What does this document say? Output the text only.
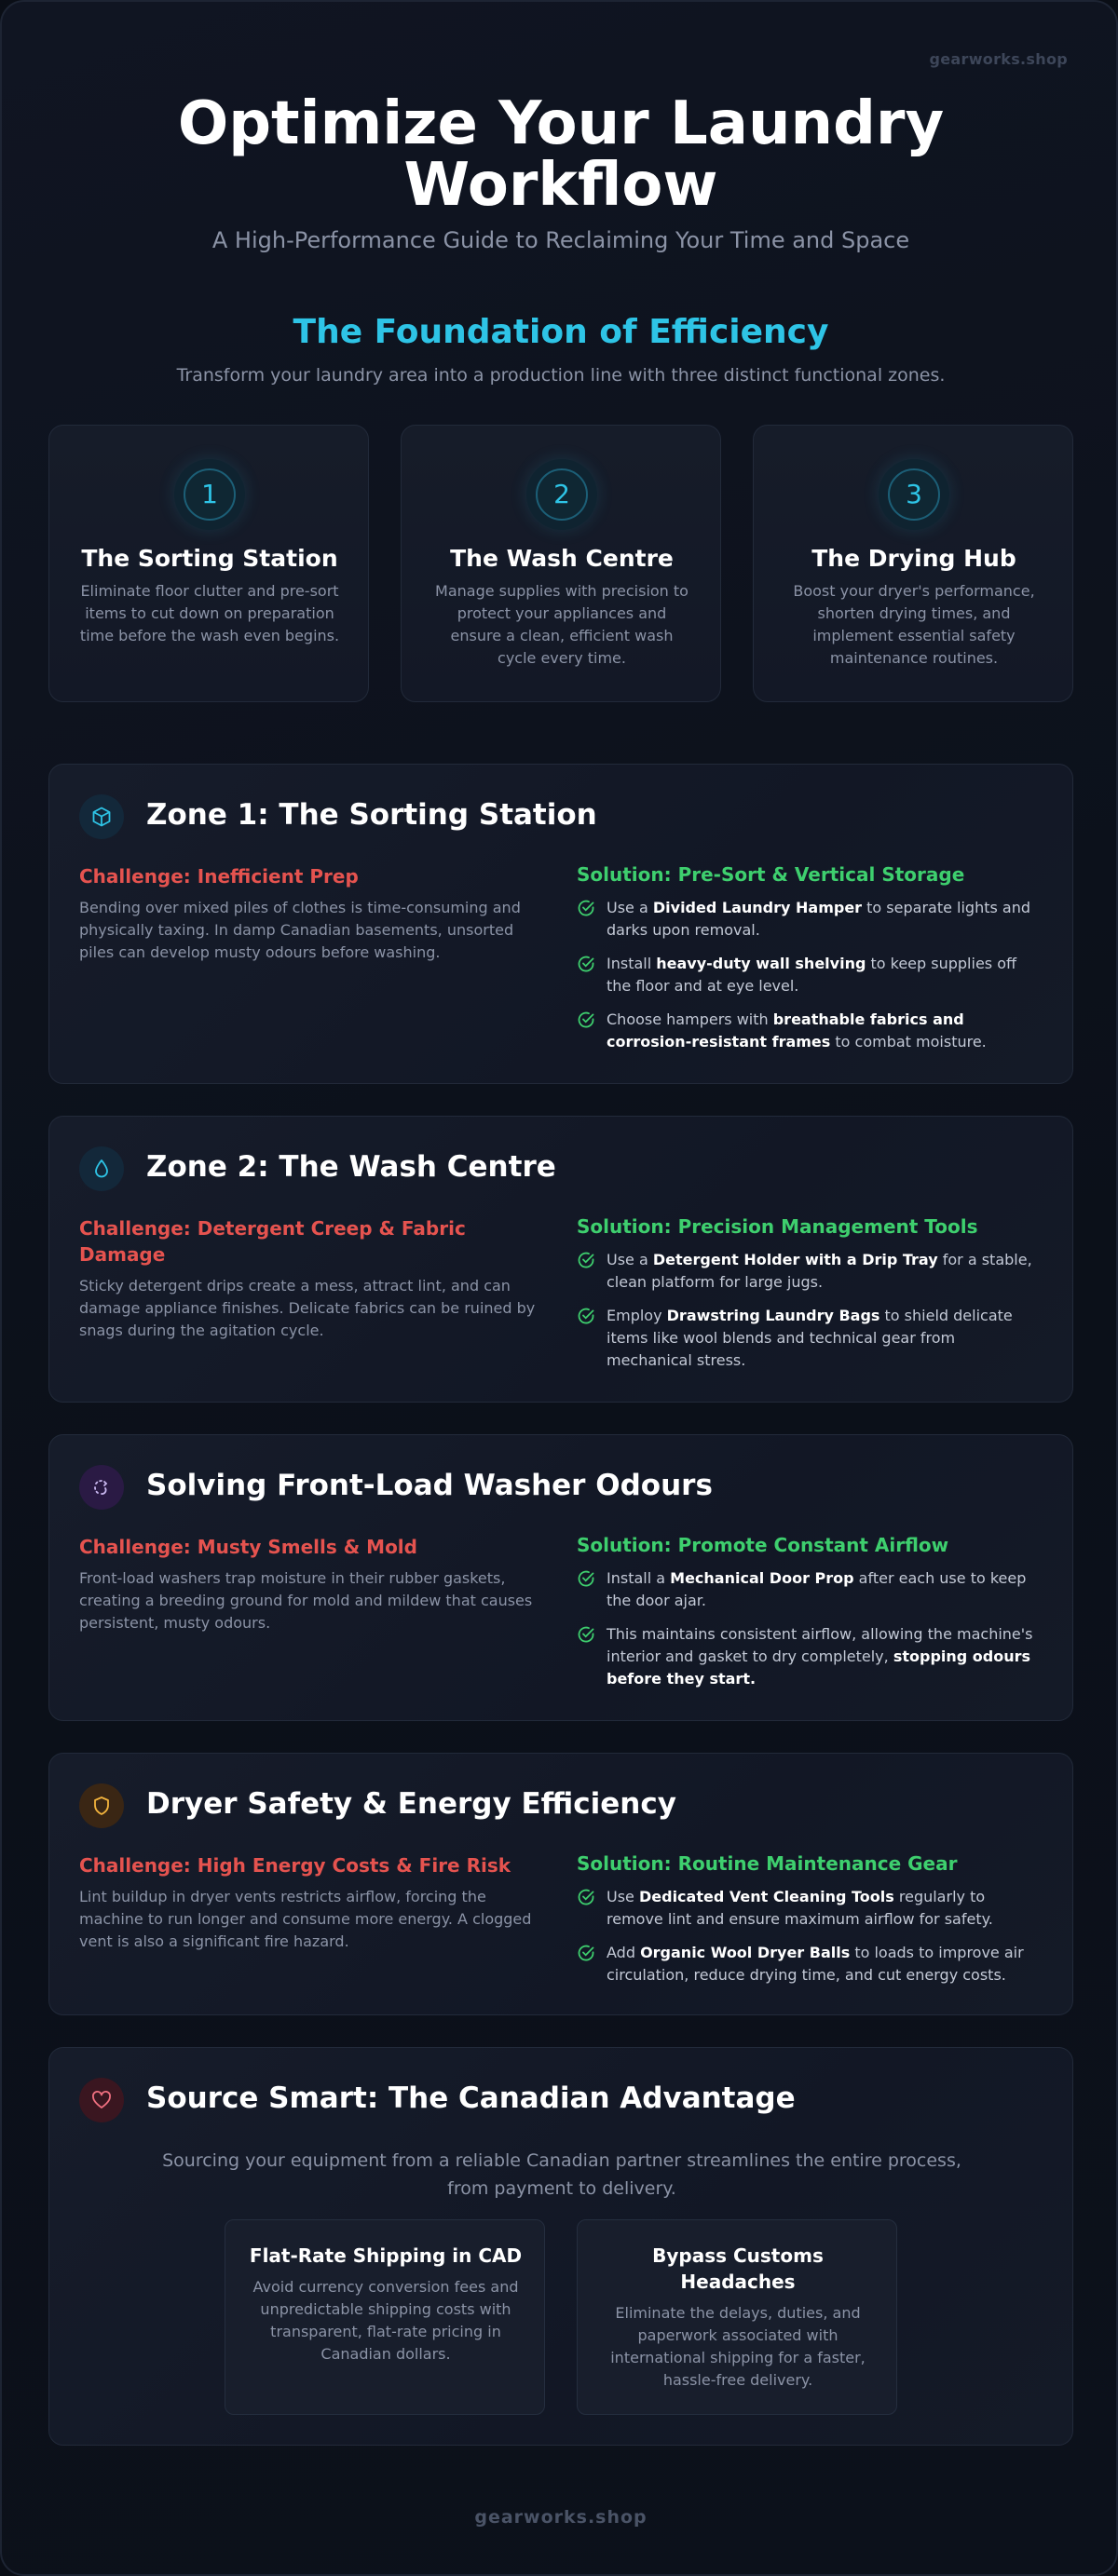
gearworks.shop
Optimize Your Laundry Workflow
A High-Performance Guide to Reclaiming Your Time and Space
The Foundation of Efficiency
Transform your laundry area into a production line with three distinct functional zones.
1
The Sorting Station

Eliminate floor clutter and pre-sort items to cut down on preparation time before the wash even begins.

2
The Wash Centre

Manage supplies with precision to protect your appliances and ensure a clean, efficient wash cycle every time.

3
The Drying Hub

Boost your dryer's performance, shorten drying times, and implement essential safety maintenance routines.

Zone 1: The Sorting Station
Challenge: Inefficient Prep
Bending over mixed piles of clothes is time-consuming and physically taxing. In damp Canadian basements, unsorted piles can develop musty odours before washing.
Solution: Pre-Sort & Vertical Storage
Use a Divided Laundry Hamper to separate lights and darks upon removal.
Install heavy-duty wall shelving to keep supplies off the floor and at eye level.
Choose hampers with breathable fabrics and corrosion-resistant frames to combat moisture.
Zone 2: The Wash Centre
Challenge: Detergent Creep & Fabric Damage
Sticky detergent drips create a mess, attract lint, and can damage appliance finishes. Delicate fabrics can be ruined by snags during the agitation cycle.
Solution: Precision Management Tools
Use a Detergent Holder with a Drip Tray for a stable, clean platform for large jugs.
Employ Drawstring Laundry Bags to shield delicate items like wool blends and technical gear from mechanical stress.
Solving Front-Load Washer Odours
Challenge: Musty Smells & Mold
Front-load washers trap moisture in their rubber gaskets, creating a breeding ground for mold and mildew that causes persistent, musty odours.
Solution: Promote Constant Airflow
Install a Mechanical Door Prop after each use to keep the door ajar.
This maintains consistent airflow, allowing the machine's interior and gasket to dry completely, stopping odours before they start.
Dryer Safety & Energy Efficiency
Challenge: High Energy Costs & Fire Risk
Lint buildup in dryer vents restricts airflow, forcing the machine to run longer and consume more energy. A clogged vent is also a significant fire hazard.
Solution: Routine Maintenance Gear
Use Dedicated Vent Cleaning Tools regularly to remove lint and ensure maximum airflow for safety.
Add Organic Wool Dryer Balls to loads to improve air circulation, reduce drying time, and cut energy costs.
Source Smart: The Canadian Advantage
Sourcing your equipment from a reliable Canadian partner streamlines the entire process, from payment to delivery.
Flat-Rate Shipping in CAD

Avoid currency conversion fees and unpredictable shipping costs with transparent, flat-rate pricing in Canadian dollars.

Bypass Customs Headaches

Eliminate the delays, duties, and paperwork associated with international shipping for a faster, hassle-free delivery.

gearworks.shop
